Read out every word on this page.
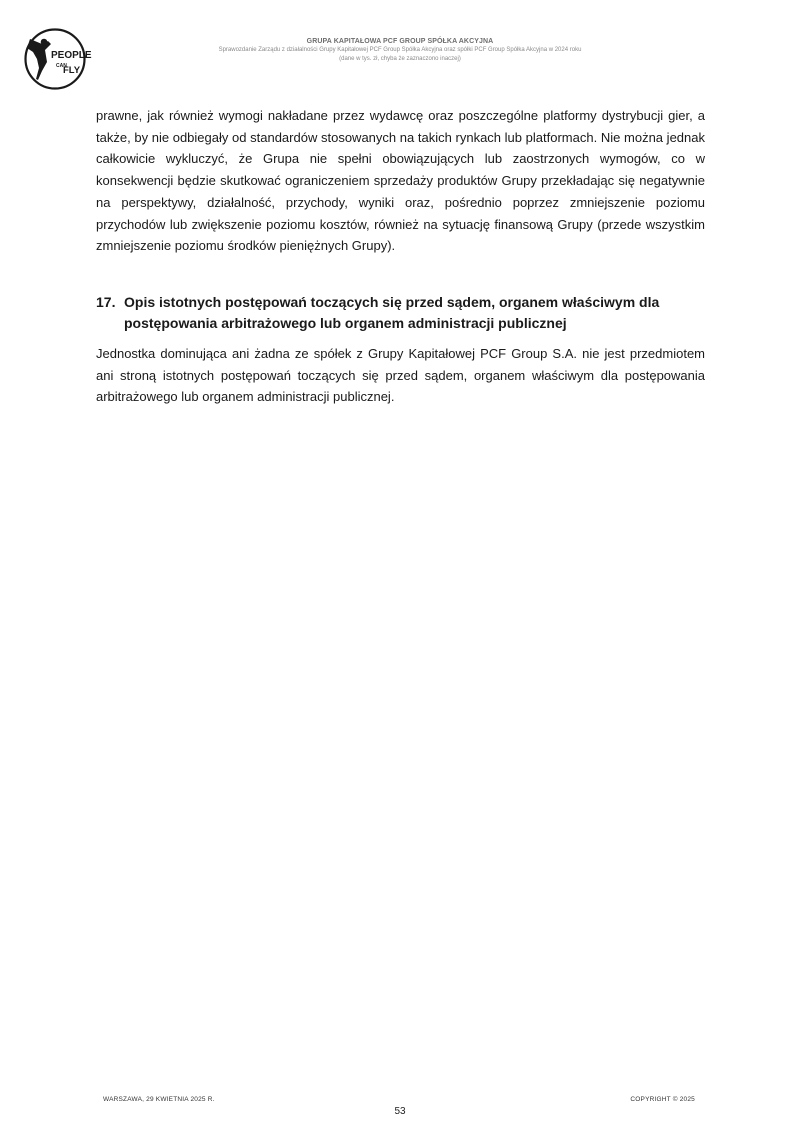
PEOPLE
CAN
FLY
GRUPA KAPITAŁOWA PCF GROUP SPÓŁKA AKCYJNA
Sprawozdanie Zarządu z działalności Grupy Kapitałowej PCF Group Spółka Akcyjna oraz spółki PCF Group Spółka Akcyjna w 2024 roku
(dane w tys. zł, chyba że zaznaczono inaczej)

prawne, jak również wymogi nakładane przez wydawcę oraz poszczególne platformy dystrybucji gier, a także, by nie odbiegały od standardów stosowanych na takich rynkach lub platformach. Nie można jednak całkowicie wykluczyć, że Grupa nie spełni obowiązujących lub zaostrzonych wymogów, co w konsekwencji będzie skutkować ograniczeniem sprzedaży produktów Grupy przekładając się negatywnie na perspektywy, działalność, przychody, wyniki oraz, pośrednio poprzez zmniejszenie poziomu przychodów lub zwiększenie poziomu kosztów, również na sytuację finansową Grupy (przede wszystkim zmniejszenie poziomu środków pieniężnych Grupy).

17. Opis istotnych postępowań toczących się przed sądem, organem właściwym dla postępowania arbitrażowego lub organem administracji publicznej

Jednostka dominująca ani żadna ze spółek z Grupy Kapitałowej PCF Group S.A. nie jest przedmiotem ani stroną istotnych postępowań toczących się przed sądem, organem właściwym dla postępowania arbitrażowego lub organem administracji publicznej.

WARSZAWA, 29 KWIETNIA 2025 R.	COPYRIGHT © 2025
53
